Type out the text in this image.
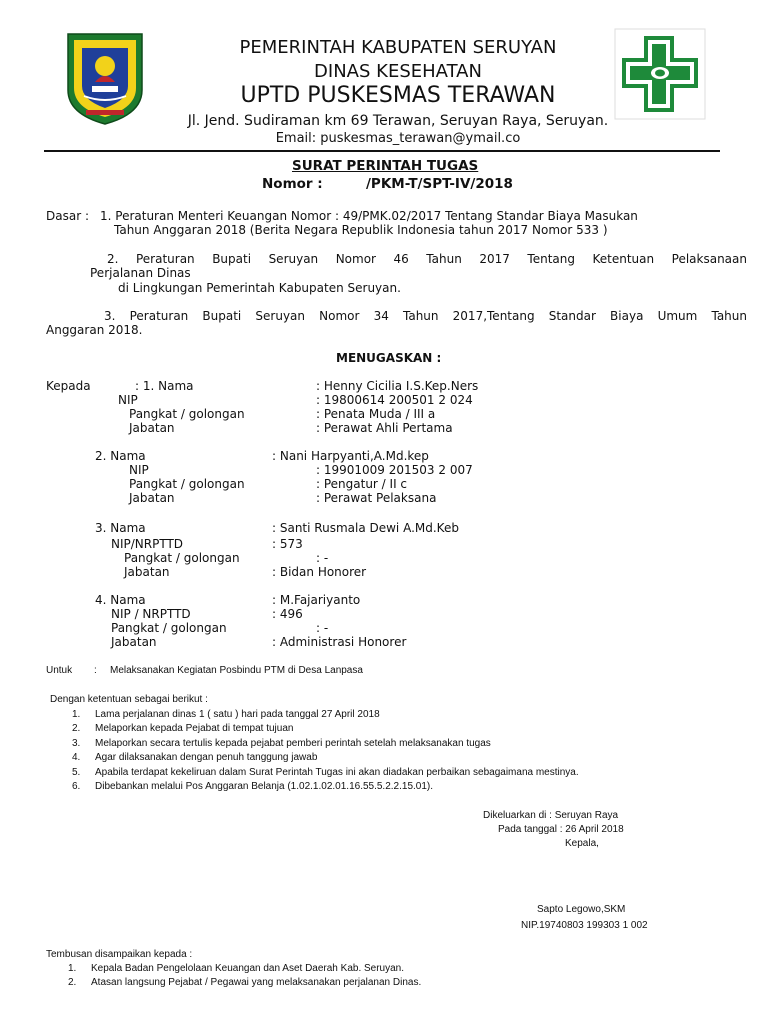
PEMERINTAH KABUPATEN SERUYAN
DINAS KESEHATAN
UPTD PUSKESMAS TERAWAN
Jl. Jend. Sudiraman km 69 Terawan, Seruyan Raya, Seruyan.
Email: puskesmas_terawan@ymail.co
SURAT PERINTAH TUGAS
Nomor :	/PKM-T/SPT-IV/2018
Dasar : 1. Peraturan Menteri Keuangan Nomor : 49/PMK.02/2017 Tentang Standar Biaya Masukan
Tahun Anggaran 2018 (Berita Negara Republik Indonesia tahun 2017 Nomor 533 )
2. Peraturan Bupati Seruyan Nomor 46 Tahun 2017 Tentang Ketentuan Pelaksanaan
Perjalanan Dinas
di Lingkungan Pemerintah Kabupaten Seruyan.
3. Peraturan Bupati Seruyan Nomor 34 Tahun 2017,Tentang Standar Biaya Umum Tahun
Anggaran 2018.
MENUGASKAN :
Kepada	: 1. Nama	: Henny Cicilia I.S.Kep.Ners
NIP	: 19800614 200501 2 024
Pangkat / golongan	: Penata Muda / III a
Jabatan	: Perawat Ahli Pertama
2. Nama	: Nani Harpyanti,A.Md.kep
NIP	: 19901009 201503 2 007
Pangkat / golongan	: Pengatur / II c
Jabatan	: Perawat Pelaksana
3. Nama	: Santi Rusmala Dewi A.Md.Keb
NIP/NRPTTD	: 573
Pangkat / golongan	: -
Jabatan	: Bidan Honorer
4. Nama	: M.Fajariyanto
NIP / NRPTTD	: 496
Pangkat / golongan	: -
Jabatan	: Administrasi Honorer
Untuk : Melaksanakan Kegiatan Posbindu PTM di Desa Lanpasa
Dengan ketentuan sebagai berikut :
1. Lama perjalanan dinas 1 ( satu ) hari pada tanggal 27 April 2018
2. Melaporkan kepada Pejabat di tempat tujuan
3. Melaporkan secara tertulis kepada pejabat pemberi perintah setelah melaksanakan tugas
4. Agar dilaksanakan dengan penuh tanggung jawab
5. Apabila terdapat kekeliruan dalam Surat Perintah Tugas ini akan diadakan perbaikan sebagaimana mestinya.
6. Dibebankan melalui Pos Anggaran Belanja (1.02.1.02.01.16.55.5.2.2.15.01).
Dikeluarkan di : Seruyan Raya
Pada tanggal : 26 April 2018
Kepala,
Sapto Legowo,SKM
NIP.19740803 199303 1 002
Tembusan disampaikan kepada :
1. Kepala Badan Pengelolaan Keuangan dan Aset Daerah Kab. Seruyan.
2. Atasan langsung Pejabat / Pegawai yang melaksanakan perjalanan Dinas.
